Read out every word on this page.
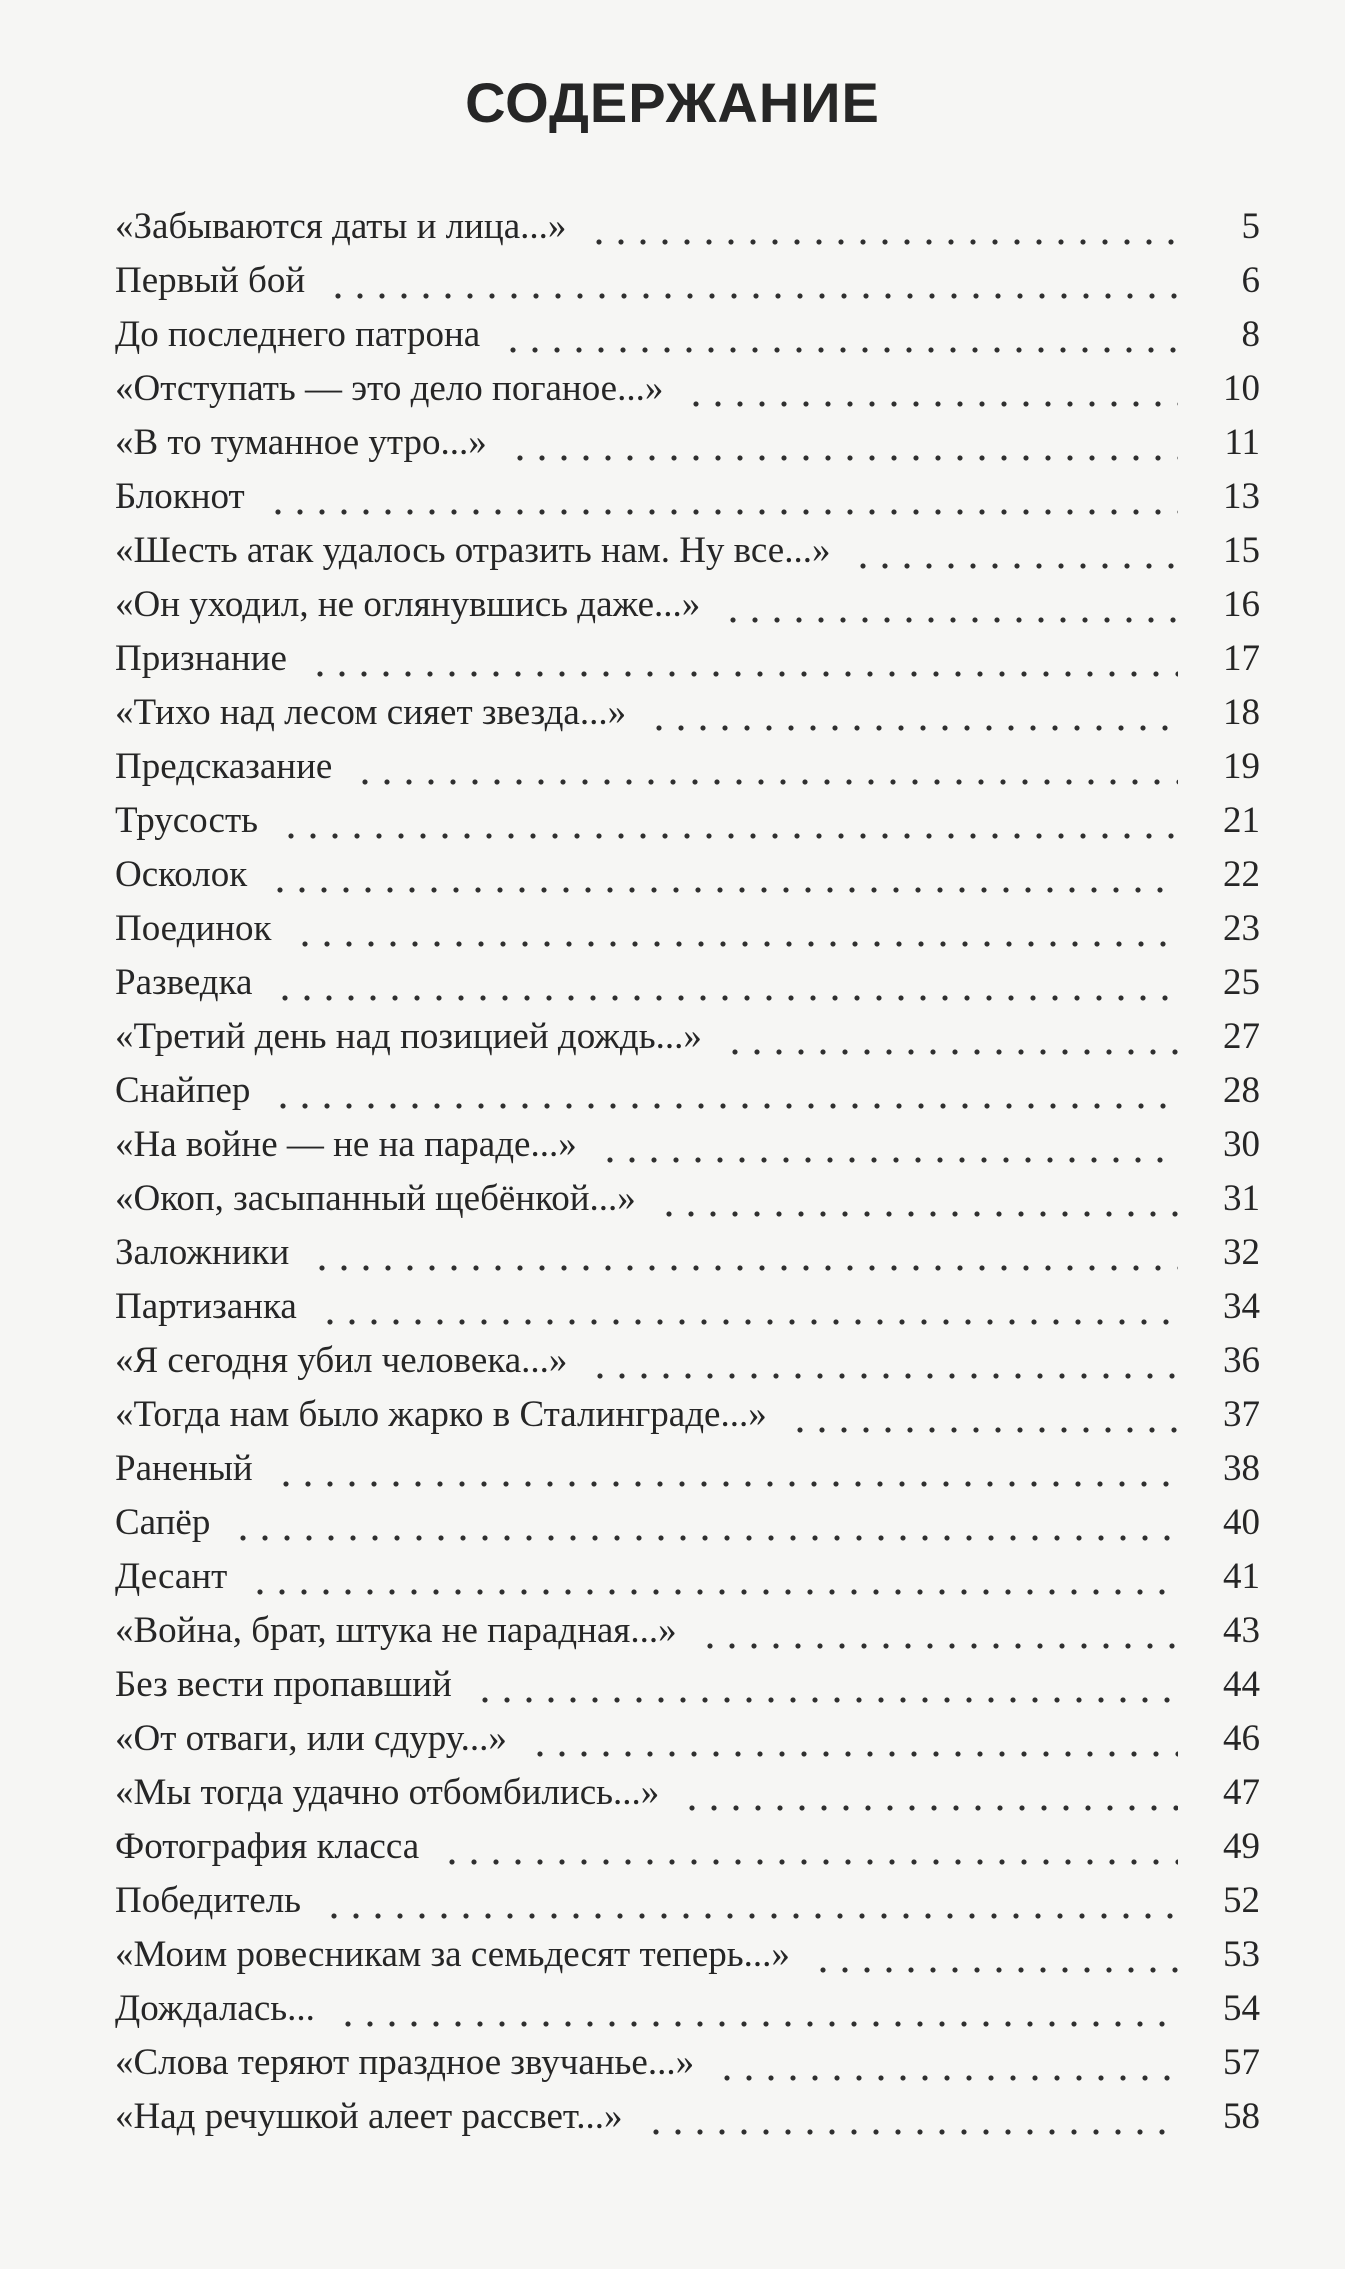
СОДЕРЖАНИЕ
«Забываются даты и лица...»	5
Первый бой	6
До последнего патрона	8
«Отступать — это дело поганое...»	10
«В то туманное утро...»	11
Блокнот	13
«Шесть атак удалось отразить нам. Ну все...»	15
«Он уходил, не оглянувшись даже...»	16
Признание	17
«Тихо над лесом сияет звезда...»	18
Предсказание	19
Трусость	21
Осколок	22
Поединок	23
Разведка	25
«Третий день над позицией дождь...»	27
Снайпер	28
«На войне — не на параде...»	30
«Окоп, засыпанный щебёнкой...»	31
Заложники	32
Партизанка	34
«Я сегодня убил человека...»	36
«Тогда нам было жарко в Сталинграде...»	37
Раненый	38
Сапёр	40
Десант	41
«Война, брат, штука не парадная...»	43
Без вести пропавший	44
«От отваги, или сдуру...»	46
«Мы тогда удачно отбомбились...»	47
Фотография класса	49
Победитель	52
«Моим ровесникам за семьдесят теперь...»	53
Дождалась...	54
«Слова теряют праздное звучанье...»	57
«Над речушкой алеет рассвет...»	58
